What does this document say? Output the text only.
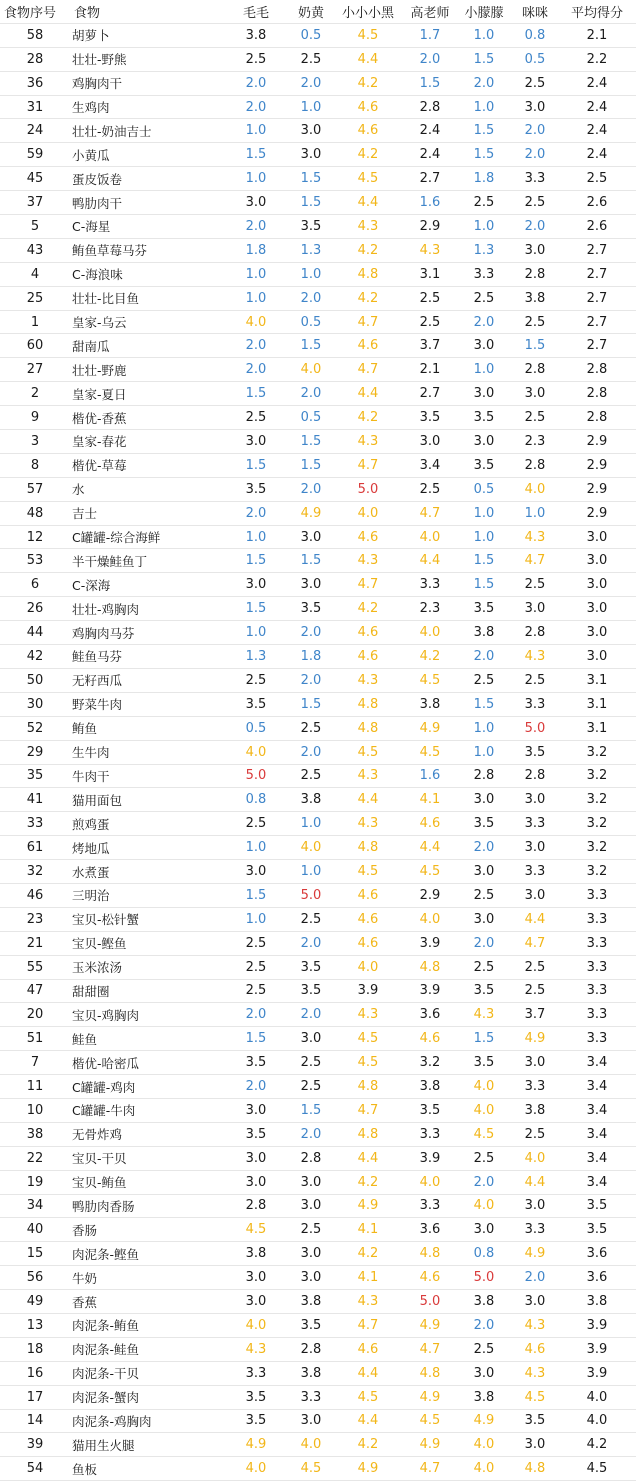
食物序号	食物	毛毛	奶黄	小小小黑	高老师	小朦朦	咪咪	平均得分
58	胡萝卜	3.8	0.5	4.5	1.7	1.0	0.8	2.1
28	壮壮-野熊	2.5	2.5	4.4	2.0	1.5	0.5	2.2
36	鸡胸肉干	2.0	2.0	4.2	1.5	2.0	2.5	2.4
31	生鸡肉	2.0	1.0	4.6	2.8	1.0	3.0	2.4
24	壮壮-奶油吉士	1.0	3.0	4.6	2.4	1.5	2.0	2.4
59	小黄瓜	1.5	3.0	4.2	2.4	1.5	2.0	2.4
45	蛋皮饭卷	1.0	1.5	4.5	2.7	1.8	3.3	2.5
37	鸭肋肉干	3.0	1.5	4.4	1.6	2.5	2.5	2.6
5	C-海星	2.0	3.5	4.3	2.9	1.0	2.0	2.6
43	鲔鱼草莓马芬	1.8	1.3	4.2	4.3	1.3	3.0	2.7
4	C-海浪味	1.0	1.0	4.8	3.1	3.3	2.8	2.7
25	壮壮-比目鱼	1.0	2.0	4.2	2.5	2.5	3.8	2.7
1	皇家-乌云	4.0	0.5	4.7	2.5	2.0	2.5	2.7
60	甜南瓜	2.0	1.5	4.6	3.7	3.0	1.5	2.7
27	壮壮-野鹿	2.0	4.0	4.7	2.1	1.0	2.8	2.8
2	皇家-夏日	1.5	2.0	4.4	2.7	3.0	3.0	2.8
9	楷优-香蕉	2.5	0.5	4.2	3.5	3.5	2.5	2.8
3	皇家-春花	3.0	1.5	4.3	3.0	3.0	2.3	2.9
8	楷优-草莓	1.5	1.5	4.7	3.4	3.5	2.8	2.9
57	水	3.5	2.0	5.0	2.5	0.5	4.0	2.9
48	吉士	2.0	4.9	4.0	4.7	1.0	1.0	2.9
12	C罐罐-综合海鲜	1.0	3.0	4.6	4.0	1.0	4.3	3.0
53	半干燥鲑鱼丁	1.5	1.5	4.3	4.4	1.5	4.7	3.0
6	C-深海	3.0	3.0	4.7	3.3	1.5	2.5	3.0
26	壮壮-鸡胸肉	1.5	3.5	4.2	2.3	3.5	3.0	3.0
44	鸡胸肉马芬	1.0	2.0	4.6	4.0	3.8	2.8	3.0
42	鲑鱼马芬	1.3	1.8	4.6	4.2	2.0	4.3	3.0
50	无籽西瓜	2.5	2.0	4.3	4.5	2.5	2.5	3.1
30	野菜牛肉	3.5	1.5	4.8	3.8	1.5	3.3	3.1
52	鲔鱼	0.5	2.5	4.8	4.9	1.0	5.0	3.1
29	生牛肉	4.0	2.0	4.5	4.5	1.0	3.5	3.2
35	牛肉干	5.0	2.5	4.3	1.6	2.8	2.8	3.2
41	猫用面包	0.8	3.8	4.4	4.1	3.0	3.0	3.2
33	煎鸡蛋	2.5	1.0	4.3	4.6	3.5	3.3	3.2
61	烤地瓜	1.0	4.0	4.8	4.4	2.0	3.0	3.2
32	水煮蛋	3.0	1.0	4.5	4.5	3.0	3.3	3.2
46	三明治	1.5	5.0	4.6	2.9	2.5	3.0	3.3
23	宝贝-松针蟹	1.0	2.5	4.6	4.0	3.0	4.4	3.3
21	宝贝-鲣鱼	2.5	2.0	4.6	3.9	2.0	4.7	3.3
55	玉米浓汤	2.5	3.5	4.0	4.8	2.5	2.5	3.3
47	甜甜圈	2.5	3.5	3.9	3.9	3.5	2.5	3.3
20	宝贝-鸡胸肉	2.0	2.0	4.3	3.6	4.3	3.7	3.3
51	鲑鱼	1.5	3.0	4.5	4.6	1.5	4.9	3.3
7	楷优-哈密瓜	3.5	2.5	4.5	3.2	3.5	3.0	3.4
11	C罐罐-鸡肉	2.0	2.5	4.8	3.8	4.0	3.3	3.4
10	C罐罐-牛肉	3.0	1.5	4.7	3.5	4.0	3.8	3.4
38	无骨炸鸡	3.5	2.0	4.8	3.3	4.5	2.5	3.4
22	宝贝-干贝	3.0	2.8	4.4	3.9	2.5	4.0	3.4
19	宝贝-鲔鱼	3.0	3.0	4.2	4.0	2.0	4.4	3.4
34	鸭肋肉香肠	2.8	3.0	4.9	3.3	4.0	3.0	3.5
40	香肠	4.5	2.5	4.1	3.6	3.0	3.3	3.5
15	肉泥条-鲣鱼	3.8	3.0	4.2	4.8	0.8	4.9	3.6
56	牛奶	3.0	3.0	4.1	4.6	5.0	2.0	3.6
49	香蕉	3.0	3.8	4.3	5.0	3.8	3.0	3.8
13	肉泥条-鲔鱼	4.0	3.5	4.7	4.9	2.0	4.3	3.9
18	肉泥条-鲑鱼	4.3	2.8	4.6	4.7	2.5	4.6	3.9
16	肉泥条-干贝	3.3	3.8	4.4	4.8	3.0	4.3	3.9
17	肉泥条-蟹肉	3.5	3.3	4.5	4.9	3.8	4.5	4.0
14	肉泥条-鸡胸肉	3.5	3.0	4.4	4.5	4.9	3.5	4.0
39	猫用生火腿	4.9	4.0	4.2	4.9	4.0	3.0	4.2
54	鱼板	4.0	4.5	4.9	4.7	4.0	4.8	4.5
